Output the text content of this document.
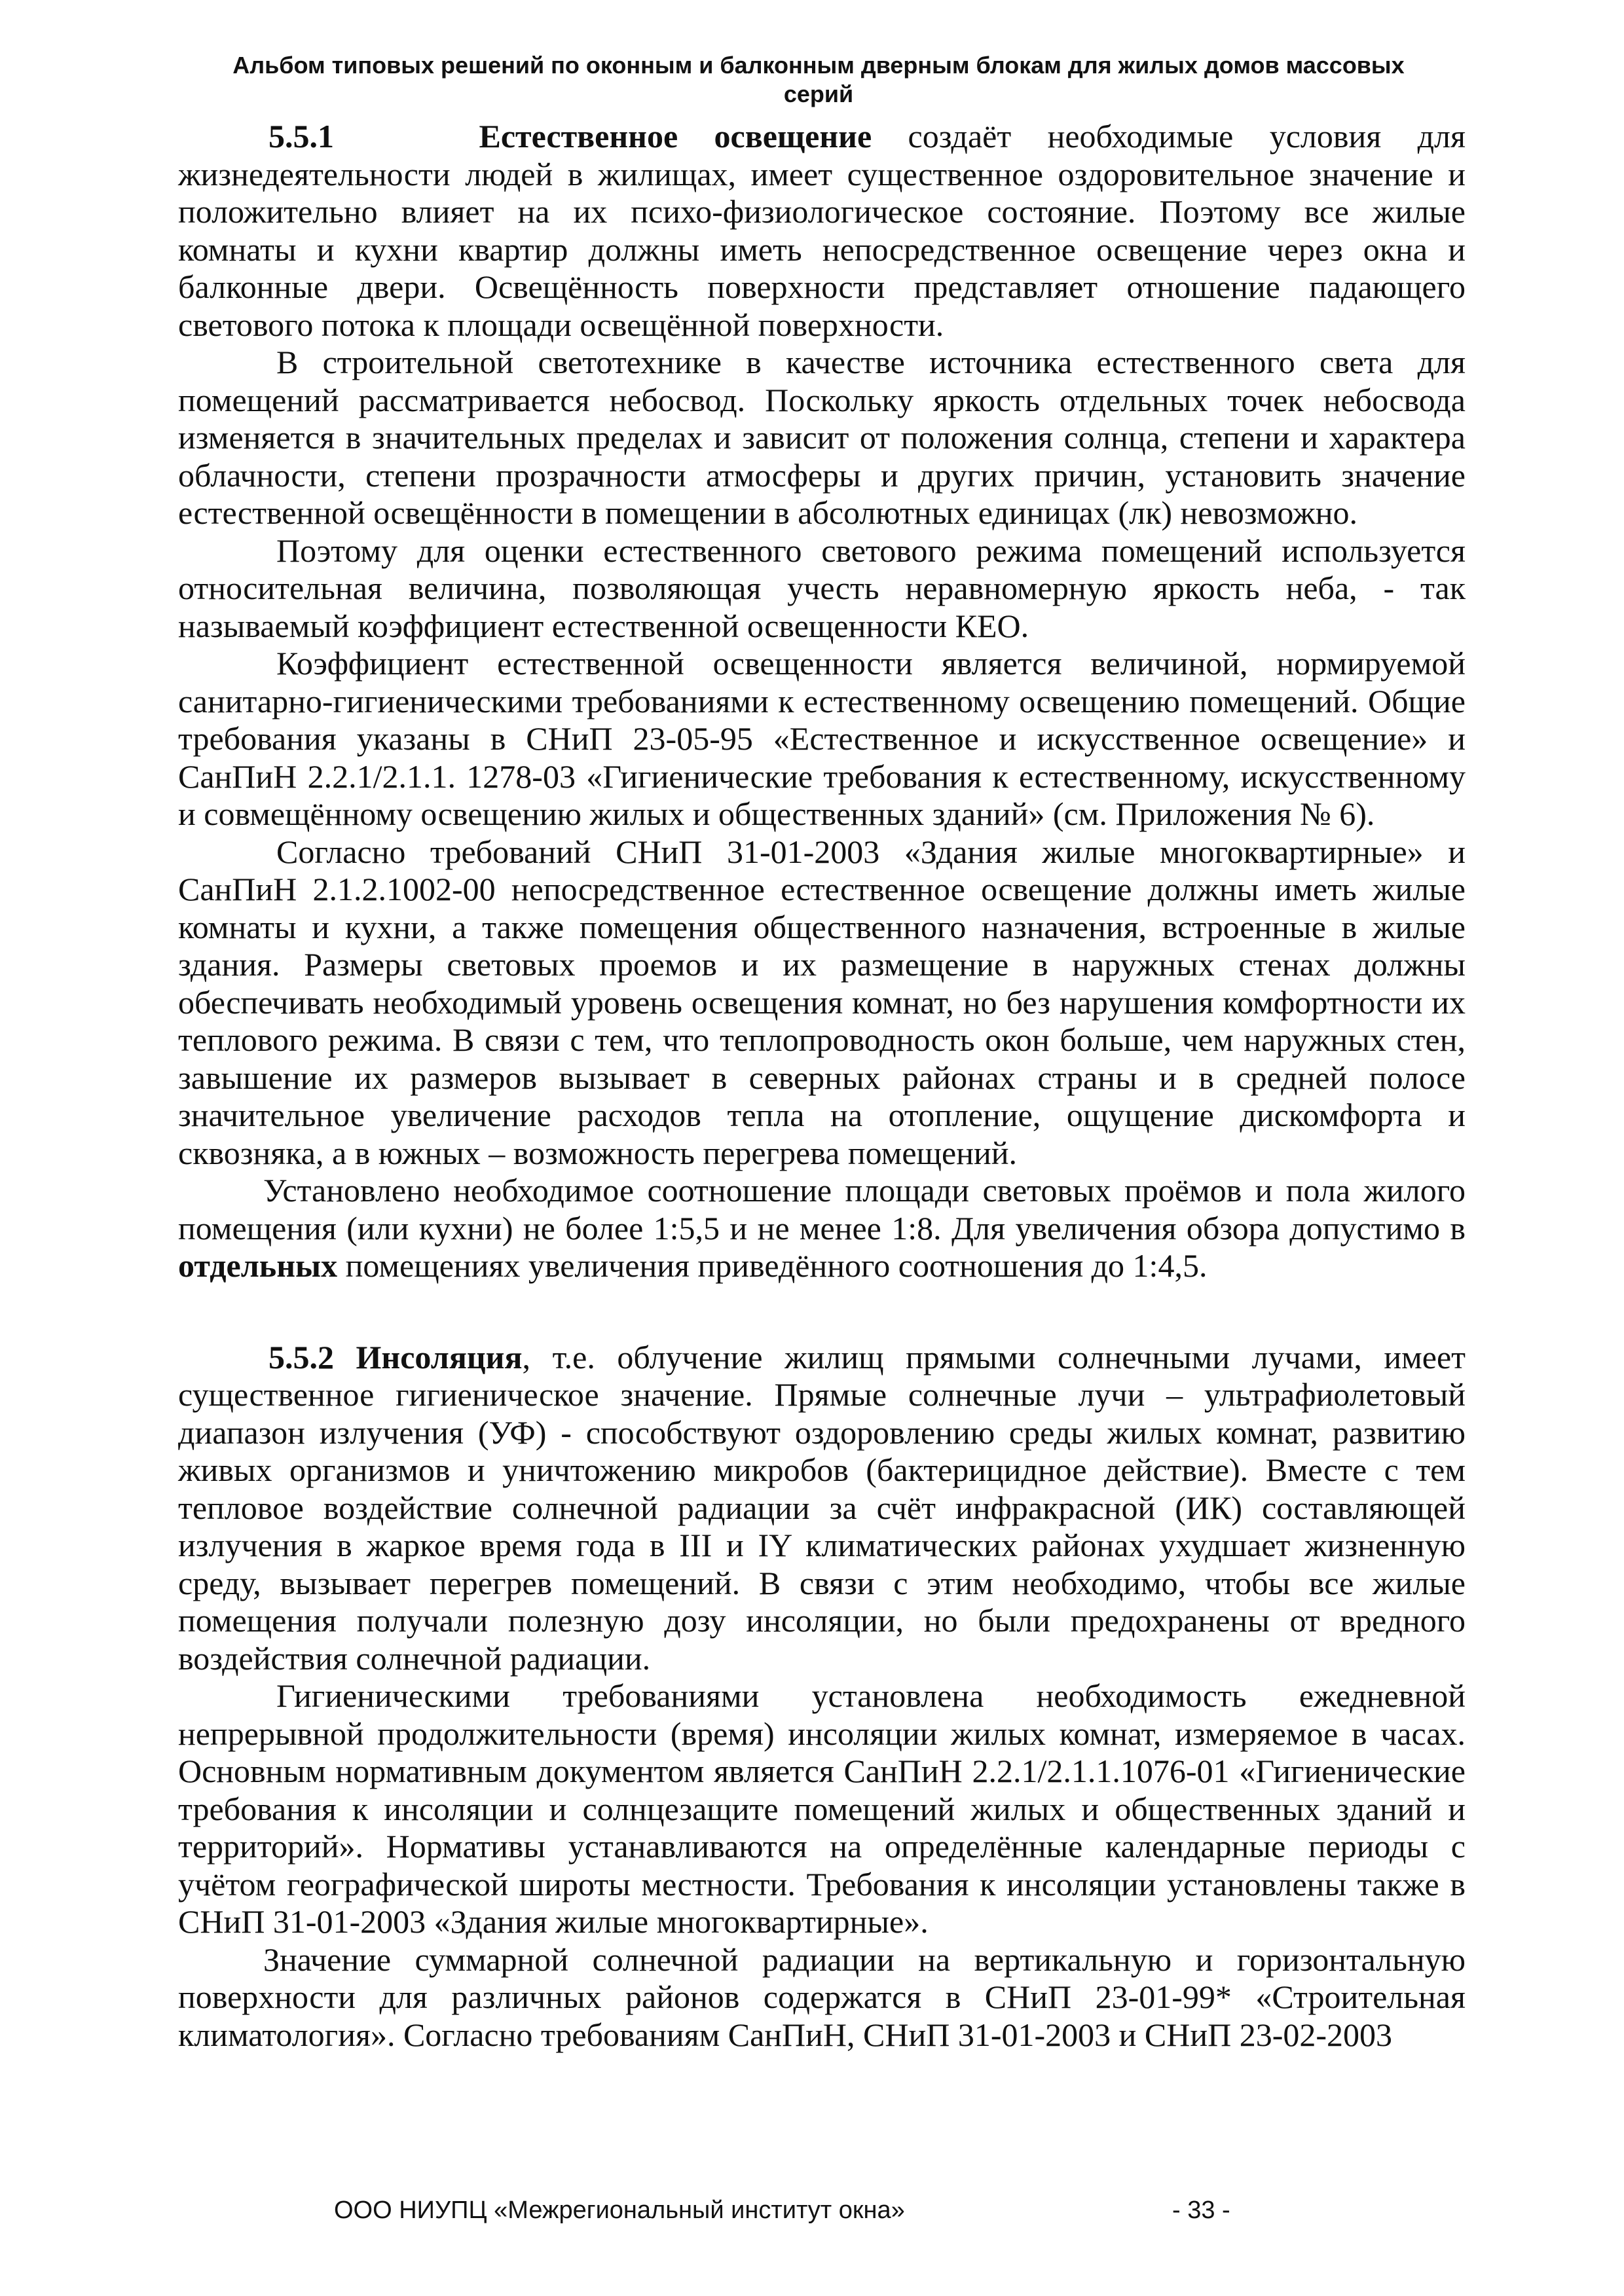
Альбом типовых решений по оконным и балконным дверным блокам для жилых домов массовых
серий

5.5.1	Естественное освещение создаёт необходимые условия для жизнедеятельности людей в жилищах, имеет существенное оздоровительное значение и положительно влияет на их психо-физиологическое состояние. Поэтому все жилые комнаты и кухни квартир должны иметь непосредственное освещение через окна и балконные двери. Освещённость поверхности представляет отношение падающего светового потока к площади освещённой поверхности.

В строительной светотехнике в качестве источника естественного света для помещений рассматривается небосвод. Поскольку яркость отдельных точек небосвода изменяется в значительных пределах и зависит от положения солнца, степени и характера облачности, степени прозрачности атмосферы и других причин, установить значение естественной освещённости в помещении в абсолютных единицах (лк) невозможно.

Поэтому для оценки естественного светового режима помещений используется относительная величина, позволяющая учесть неравномерную яркость неба, - так называемый коэффициент естественной освещенности КЕО.

Коэффициент естественной освещенности является величиной, нормируемой санитарно-гигиеническими требованиями к естественному освещению помещений. Общие требования указаны в СНиП 23-05-95 «Естественное и искусственное освещение» и СанПиН 2.2.1/2.1.1. 1278-03 «Гигиенические требования к естественному, искусственному и совмещённому освещению жилых и общественных зданий» (см. Приложения № 6).

Согласно требований СНиП 31-01-2003 «Здания жилые многоквартирные» и СанПиН 2.1.2.1002-00 непосредственное естественное освещение должны иметь жилые комнаты и кухни, а также помещения общественного назначения, встроенные в жилые здания. Размеры световых проемов и их размещение в наружных стенах должны обеспечивать необходимый уровень освещения комнат, но без нарушения комфортности их теплового режима. В связи с тем, что теплопроводность окон больше, чем наружных стен, завышение их размеров вызывает в северных районах страны и в средней полосе значительное увеличение расходов тепла на отопление, ощущение дискомфорта и сквозняка, а в южных – возможность перегрева помещений.

Установлено необходимое соотношение площади световых проёмов и пола жилого помещения (или кухни) не более 1:5,5 и не менее 1:8. Для увеличения обзора допустимо в отдельных помещениях увеличения приведённого соотношения до 1:4,5.

5.5.2 Инсоляция, т.е. облучение жилищ прямыми солнечными лучами, имеет существенное гигиеническое значение. Прямые солнечные лучи – ультрафиолетовый диапазон излучения (УФ) - способствуют оздоровлению среды жилых комнат, развитию живых организмов и уничтожению микробов (бактерицидное действие). Вместе с тем тепловое воздействие солнечной радиации за счёт инфракрасной (ИК) составляющей излучения в жаркое время года в III и IY климатических районах ухудшает жизненную среду, вызывает перегрев помещений. В связи с этим необходимо, чтобы все жилые помещения получали полезную дозу инсоляции, но были предохранены от вредного воздействия солнечной радиации.

Гигиеническими требованиями установлена необходимость ежедневной непрерывной продолжительности (время) инсоляции жилых комнат, измеряемое в часах. Основным нормативным документом является СанПиН 2.2.1/2.1.1.1076-01 «Гигиенические требования к инсоляции и солнцезащите помещений жилых и общественных зданий и территорий». Нормативы устанавливаются на определённые календарные периоды с учётом географической широты местности. Требования к инсоляции установлены также в СНиП 31-01-2003 «Здания жилые многоквартирные».

Значение суммарной солнечной радиации на вертикальную и горизонтальную поверхности для различных районов содержатся в СНиП 23-01-99* «Строительная климатология». Согласно требованиям СанПиН, СНиП 31-01-2003 и СНиП 23-02-2003

ООО НИУПЦ «Межрегиональный институт окна»	- 33 -
